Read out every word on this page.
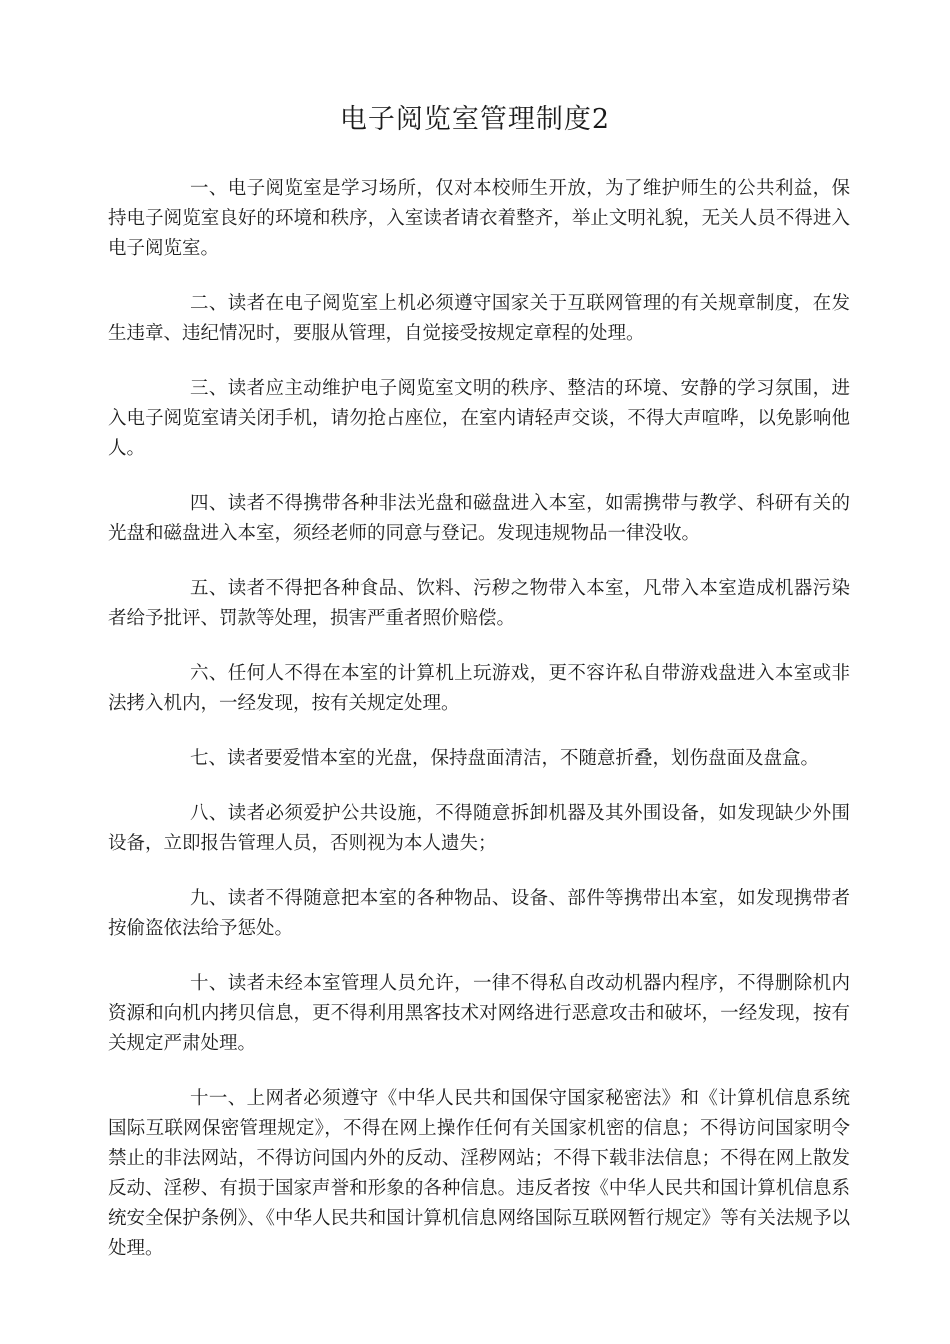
电子阅览室管理制度2

一、电子阅览室是学习场所，仅对本校师生开放，为了维护师生的公共利益，保持电子阅览室良好的环境和秩序，入室读者请衣着整齐，举止文明礼貌，无关人员不得进入电子阅览室。

二、读者在电子阅览室上机必须遵守国家关于互联网管理的有关规章制度，在发生违章、违纪情况时，要服从管理，自觉接受按规定章程的处理。

三、读者应主动维护电子阅览室文明的秩序、整洁的环境、安静的学习氛围，进入电子阅览室请关闭手机，请勿抢占座位，在室内请轻声交谈，不得大声喧哗，以免影响他人。

四、读者不得携带各种非法光盘和磁盘进入本室，如需携带与教学、科研有关的光盘和磁盘进入本室，须经老师的同意与登记。发现违规物品一律没收。

五、读者不得把各种食品、饮料、污秽之物带入本室，凡带入本室造成机器污染者给予批评、罚款等处理，损害严重者照价赔偿。

六、任何人不得在本室的计算机上玩游戏，更不容许私自带游戏盘进入本室或非法拷入机内，一经发现，按有关规定处理。

七、读者要爱惜本室的光盘，保持盘面清洁，不随意折叠，划伤盘面及盘盒。

八、读者必须爱护公共设施，不得随意拆卸机器及其外围设备，如发现缺少外围设备，立即报告管理人员，否则视为本人遗失；

九、读者不得随意把本室的各种物品、设备、部件等携带出本室，如发现携带者按偷盗依法给予惩处。

十、读者未经本室管理人员允许，一律不得私自改动机器内程序，不得删除机内资源和向机内拷贝信息，更不得利用黑客技术对网络进行恶意攻击和破坏，一经发现，按有关规定严肃处理。

十一、上网者必须遵守《中华人民共和国保守国家秘密法》和《计算机信息系统国际互联网保密管理规定》，不得在网上操作任何有关国家机密的信息；不得访问国家明令禁止的非法网站，不得访问国内外的反动、淫秽网站；不得下载非法信息；不得在网上散发反动、淫秽、有损于国家声誉和形象的各种信息。违反者按《中华人民共和国计算机信息系统安全保护条例》、《中华人民共和国计算机信息网络国际互联网暂行规定》等有关法规予以处理。
